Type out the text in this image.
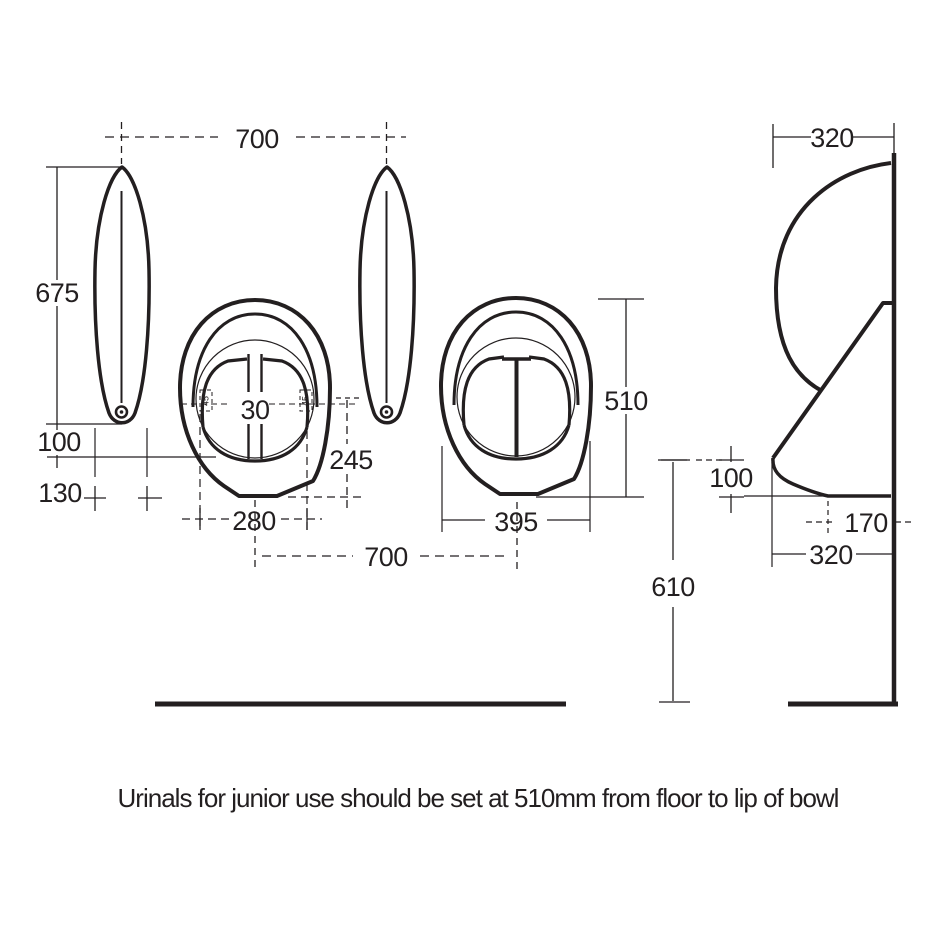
45	45
700
675
100
130
30
245
280
700
510
395
320
100
170
320
610
Urinals for junior use should be set at 510mm from floor to lip of bowl
